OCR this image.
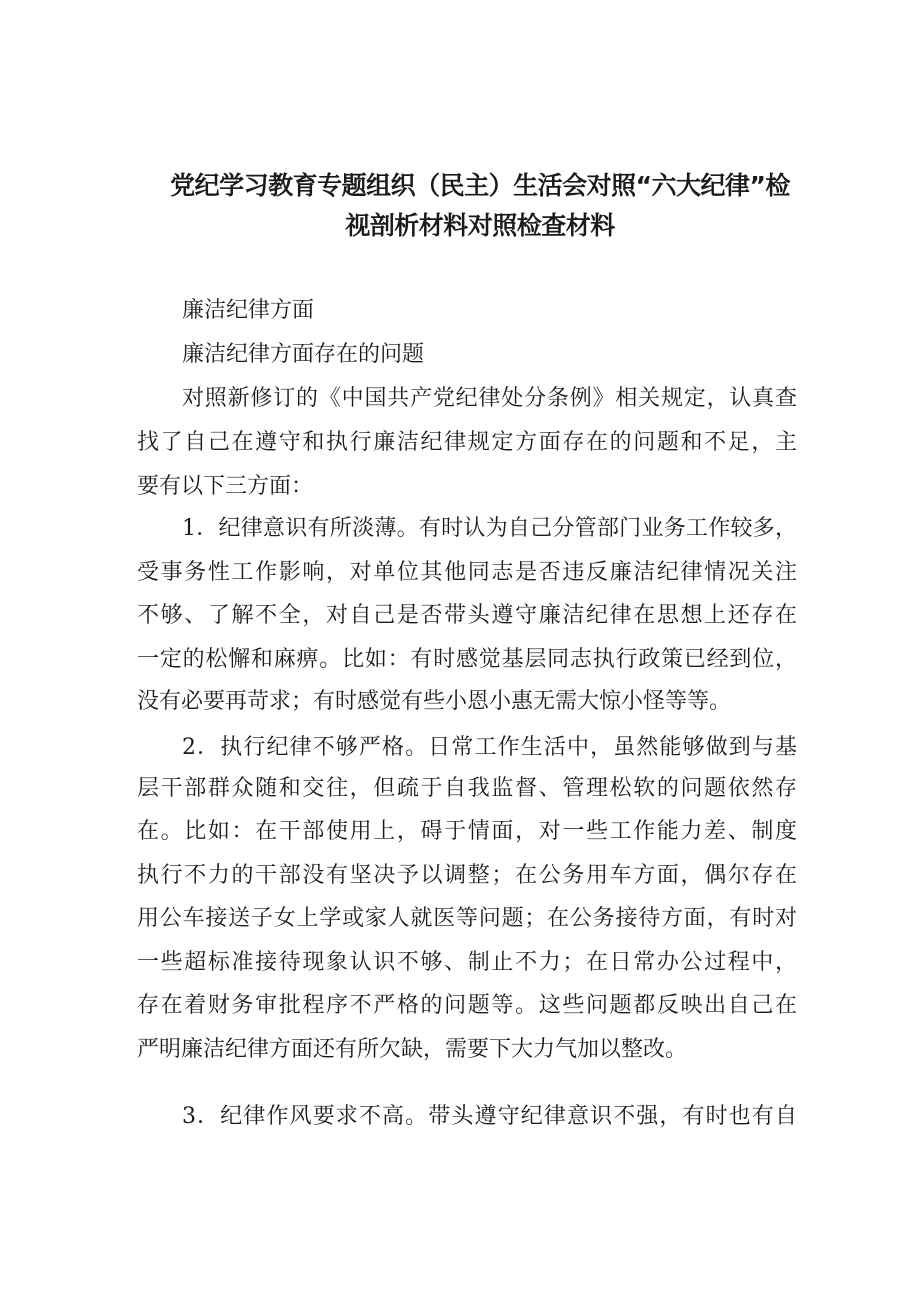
党纪学习教育专题组织（民主）生活会对照“六大纪律”检
视剖析材料对照检查材料
廉洁纪律方面
廉洁纪律方面存在的问题
对照新修订的《中国共产党纪律处分条例》相关规定，认真查
找了自己在遵守和执行廉洁纪律规定方面存在的问题和不足，主
要有以下三方面：
1．纪律意识有所淡薄。有时认为自己分管部门业务工作较多，
受事务性工作影响，对单位其他同志是否违反廉洁纪律情况关注
不够、了解不全，对自己是否带头遵守廉洁纪律在思想上还存在
一定的松懈和麻痹。比如：有时感觉基层同志执行政策已经到位，
没有必要再苛求；有时感觉有些小恩小惠无需大惊小怪等等。
2．执行纪律不够严格。日常工作生活中，虽然能够做到与基
层干部群众随和交往，但疏于自我监督、管理松软的问题依然存
在。比如：在干部使用上，碍于情面，对一些工作能力差、制度
执行不力的干部没有坚决予以调整；在公务用车方面，偶尔存在
用公车接送子女上学或家人就医等问题；在公务接待方面，有时对
一些超标准接待现象认识不够、制止不力；在日常办公过程中，
存在着财务审批程序不严格的问题等。这些问题都反映出自己在
严明廉洁纪律方面还有所欠缺，需要下大力气加以整改。
3．纪律作风要求不高。带头遵守纪律意识不强，有时也有自
